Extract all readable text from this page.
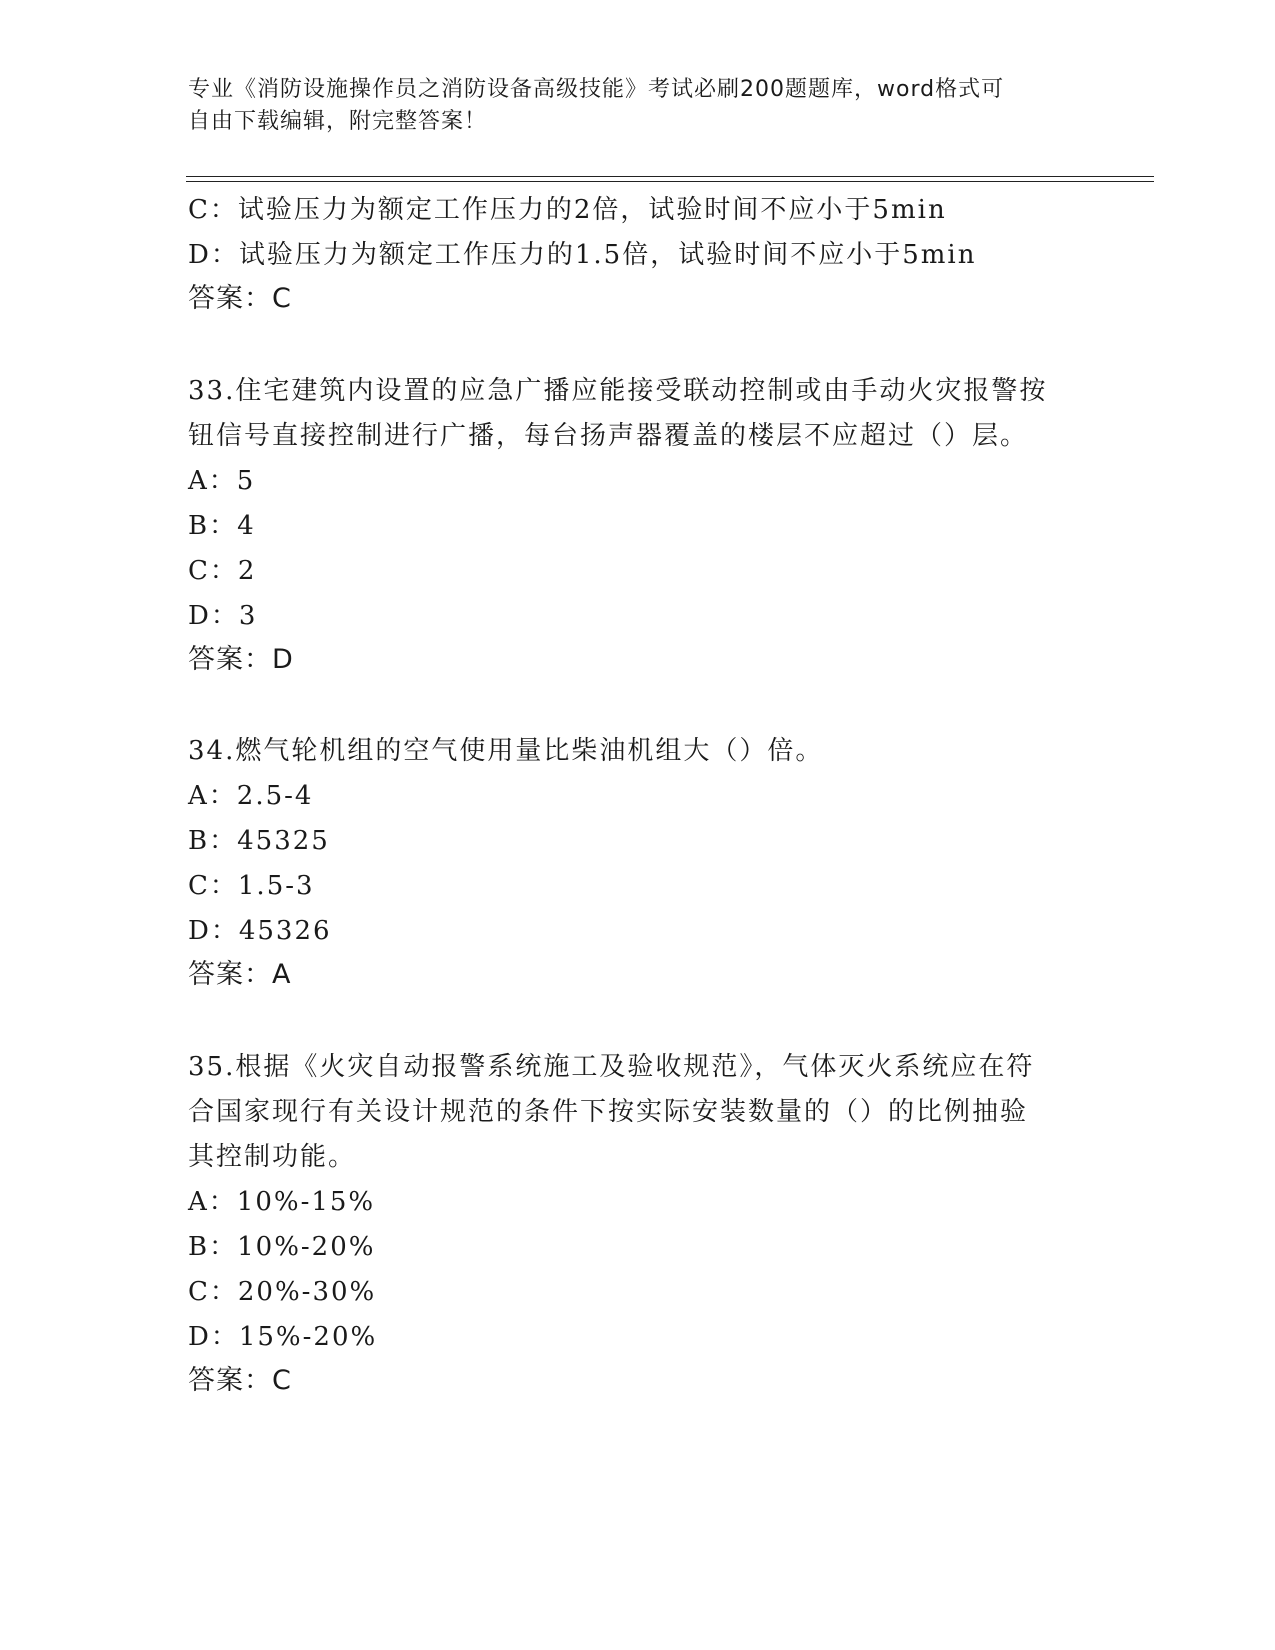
专业《消防设施操作员之消防设备高级技能》考试必刷200题题库，word格式可
自由下载编辑，附完整答案！
C：试验压力为额定工作压力的2倍，试验时间不应小于5min
D：试验压力为额定工作压力的1.5倍，试验时间不应小于5min
答案：C
33.住宅建筑内设置的应急广播应能接受联动控制或由手动火灾报警按
钮信号直接控制进行广播，每台扬声器覆盖的楼层不应超过（）层。
A：5
B：4
C：2
D：3
答案：D
34.燃气轮机组的空气使用量比柴油机组大（）倍。
A：2.5-4
B：45325
C：1.5-3
D：45326
答案：A
35.根据《火灾自动报警系统施工及验收规范》，气体灭火系统应在符
合国家现行有关设计规范的条件下按实际安装数量的（）的比例抽验
其控制功能。
A：10%-15%
B：10%-20%
C：20%-30%
D：15%-20%
答案：C
